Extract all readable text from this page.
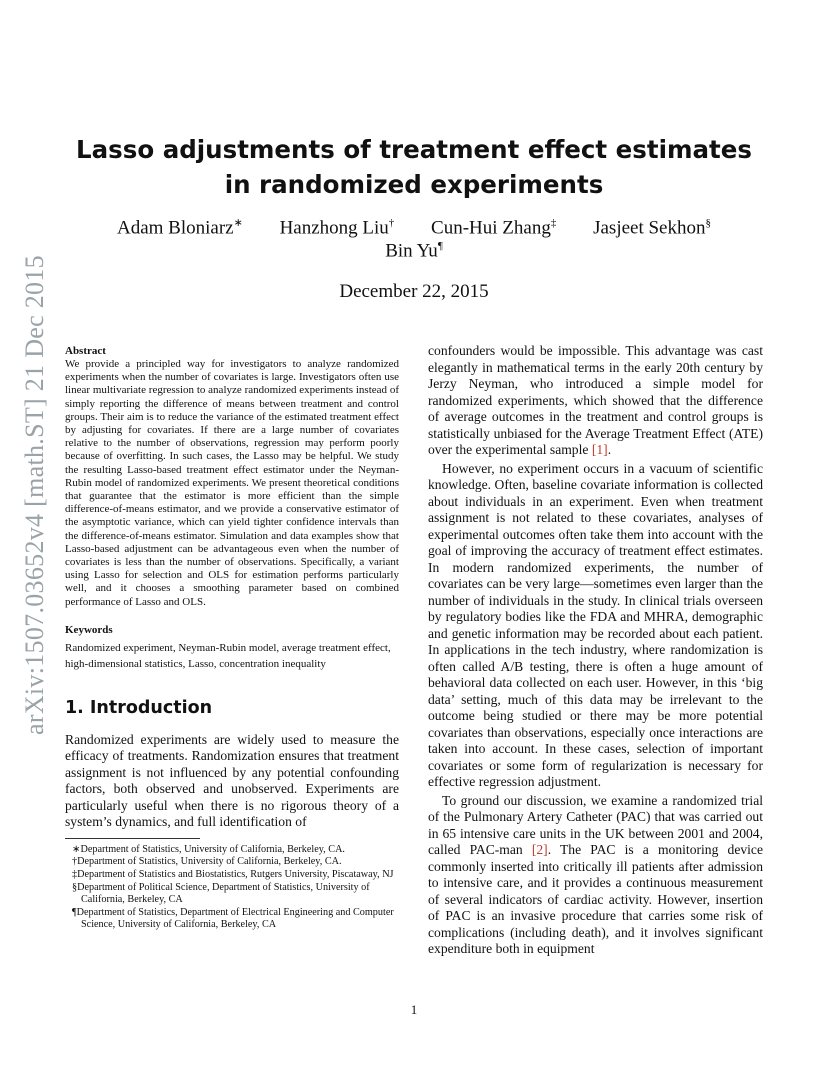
arXiv:1507.03652v4 [math.ST] 21 Dec 2015
Lasso adjustments of treatment effect estimates in randomized experiments
Adam Bloniarz∗ Hanzhong Liu† Cun-Hui Zhang‡ Jasjeet Sekhon§
Bin Yu¶
December 22, 2015

Abstract

We provide a principled way for investigators to analyze randomized experiments when the number of covariates is large. Investigators often use linear multivariate regression to analyze randomized experiments instead of simply reporting the difference of means between treatment and control groups. Their aim is to reduce the variance of the estimated treatment effect by adjusting for covariates. If there are a large number of covariates relative to the number of observations, regression may perform poorly because of overfitting. In such cases, the Lasso may be helpful. We study the resulting Lasso-based treatment effect estimator under the Neyman-Rubin model of randomized experiments. We present theoretical conditions that guarantee that the estimator is more efficient than the simple difference-of-means estimator, and we provide a conservative estimator of the asymptotic variance, which can yield tighter confidence intervals than the difference-of-means estimator. Simulation and data examples show that Lasso-based adjustment can be advantageous even when the number of covariates is less than the number of observations. Specifically, a variant using Lasso for selection and OLS for estimation performs particularly well, and it chooses a smoothing parameter based on combined performance of Lasso and OLS.

Keywords

Randomized experiment, Neyman-Rubin model, average treatment effect, high-dimensional statistics, Lasso, concentration inequality

1. Introduction

Randomized experiments are widely used to measure the efficacy of treatments. Randomization ensures that treatment assignment is not influenced by any potential confounding factors, both observed and unobserved. Experiments are particularly useful when there is no rigorous theory of a system’s dynamics, and full identification of

∗Department of Statistics, University of California, Berkeley, CA.

†Department of Statistics, University of California, Berkeley, CA.

‡Department of Statistics and Biostatistics, Rutgers University, Piscataway, NJ

§Department of Political Science, Department of Statistics, University of California, Berkeley, CA

¶Department of Statistics, Department of Electrical Engineering and Computer Science, University of California, Berkeley, CA

confounders would be impossible. This advantage was cast elegantly in mathematical terms in the early 20th century by Jerzy Neyman, who introduced a simple model for randomized experiments, which showed that the difference of average outcomes in the treatment and control groups is statistically unbiased for the Average Treatment Effect (ATE) over the experimental sample [1].

However, no experiment occurs in a vacuum of scientific knowledge. Often, baseline covariate information is collected about individuals in an experiment. Even when treatment assignment is not related to these covariates, analyses of experimental outcomes often take them into account with the goal of improving the accuracy of treatment effect estimates. In modern randomized experiments, the number of covariates can be very large—sometimes even larger than the number of individuals in the study. In clinical trials overseen by regulatory bodies like the FDA and MHRA, demographic and genetic information may be recorded about each patient. In applications in the tech industry, where randomization is often called A/B testing, there is often a huge amount of behavioral data collected on each user. However, in this ‘big data’ setting, much of this data may be irrelevant to the outcome being studied or there may be more potential covariates than observations, especially once interactions are taken into account. In these cases, selection of important covariates or some form of regularization is necessary for effective regression adjustment.

To ground our discussion, we examine a randomized trial of the Pulmonary Artery Catheter (PAC) that was carried out in 65 intensive care units in the UK between 2001 and 2004, called PAC-man [2]. The PAC is a monitoring device commonly inserted into critically ill patients after admission to intensive care, and it provides a continuous measurement of several indicators of cardiac activity. However, insertion of PAC is an invasive procedure that carries some risk of complications (including death), and it involves significant expenditure both in equipment

1
